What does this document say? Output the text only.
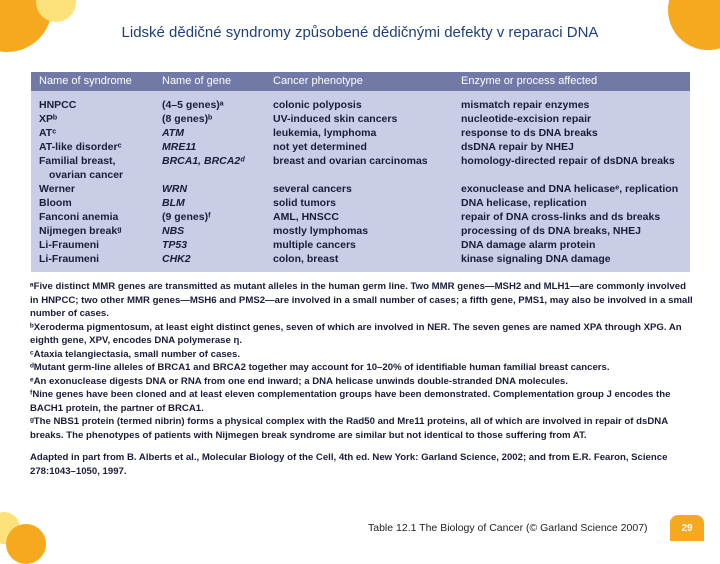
Lidské dědičné syndromy způsobené dědičnými defekty v reparaci DNA
Name of syndrome	Name of gene	Cancer phenotype	Enzyme or process affected
HNPCC	(4–5 genes)ᵃ	colonic polyposis	mismatch repair enzymes
XPᵇ	(8 genes)ᵇ	UV-induced skin cancers	nucleotide-excision repair
ATᶜ	ATM	leukemia, lymphoma	response to ds DNA breaks
AT-like disorderᶜ	MRE11	not yet determined	dsDNA repair by NHEJ
Familial breast,	BRCA1, BRCA2ᵈ	breast and ovarian carcinomas	homology-directed repair of dsDNA breaks
ovarian cancer
Werner	WRN	several cancers	exonuclease and DNA helicaseᵉ, replication
Bloom	BLM	solid tumors	DNA helicase, replication
Fanconi anemia	(9 genes)ᶠ	AML, HNSCC	repair of DNA cross-links and ds breaks
Nijmegen breakᵍ	NBS	mostly lymphomas	processing of ds DNA breaks, NHEJ
Li-Fraumeni	TP53	multiple cancers	DNA damage alarm protein
Li-Fraumeni	CHK2	colon, breast	kinase signaling DNA damage

ᵃFive distinct MMR genes are transmitted as mutant alleles in the human germ line. Two MMR genes—MSH2 and MLH1—are commonly involved in HNPCC; two other MMR genes—MSH6 and PMS2—are involved in a small number of cases; a fifth gene, PMS1, may also be involved in a small number of cases.

ᵇXeroderma pigmentosum, at least eight distinct genes, seven of which are involved in NER. The seven genes are named XPA through XPG. An eighth gene, XPV, encodes DNA polymerase η.

ᶜAtaxia telangiectasia, small number of cases.

ᵈMutant germ-line alleles of BRCA1 and BRCA2 together may account for 10–20% of identifiable human familial breast cancers.

ᵉAn exonuclease digests DNA or RNA from one end inward; a DNA helicase unwinds double-stranded DNA molecules.

ᶠNine genes have been cloned and at least eleven complementation groups have been demonstrated. Complementation group J encodes the BACH1 protein, the partner of BRCA1.

ᵍThe NBS1 protein (termed nibrin) forms a physical complex with the Rad50 and Mre11 proteins, all of which are involved in repair of dsDNA breaks. The phenotypes of patients with Nijmegen break syndrome are similar but not identical to those suffering from AT.

Adapted in part from B. Alberts et al., Molecular Biology of the Cell, 4th ed. New York: Garland Science, 2002; and from E.R. Fearon, Science 278:1043–1050, 1997.

Table 12.1 The Biology of Cancer (© Garland Science 2007)	29
